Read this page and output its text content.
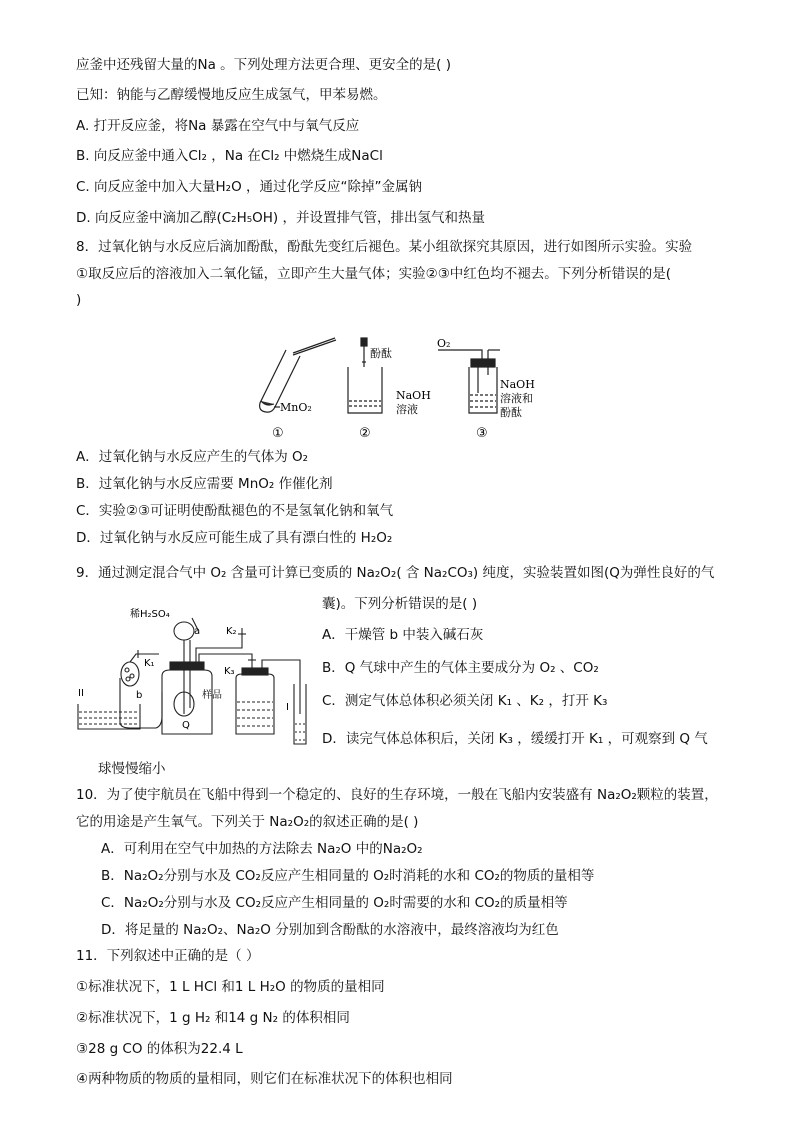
应釜中还残留大量的Na 。下列处理方法更合理、更安全的是( )
已知：钠能与乙醇缓慢地反应生成氢气，甲苯易燃。
A. 打开反应釜，将Na 暴露在空气中与氧气反应
B. 向反应釜中通入Cl₂ ，Na 在Cl₂ 中燃烧生成NaCl
C. 向反应釜中加入大量H₂O ，通过化学反应“除掉”金属钠
D. 向反应釜中滴加乙醇(C₂H₅OH) ，并设置排气管，排出氢气和热量
8．过氧化钠与水反应后滴加酚酞，酚酞先变红后褪色。某小组欲探究其原因，进行如图所示实验。实验
①取反应后的溶液加入二氧化锰，立即产生大量气体；实验②③中红色均不褪去。下列分析错误的是(
)
MnO₂
酚酞
NaOH
溶液
O₂
NaOH
溶液和
酚酞
①	②	③
A．过氧化钠与水反应产生的气体为 O₂
B．过氧化钠与水反应需要 MnO₂ 作催化剂
C．实验②③可证明使酚酞褪色的不是氢氧化钠和氧气
D．过氧化钠与水反应可能生成了具有漂白性的 H₂O₂
9．通过测定混合气中 O₂ 含量可计算已变质的 Na₂O₂( 含 Na₂CO₃) 纯度，实验装置如图(Q为弹性良好的气
稀H₂SO₄
a	K₂
K₁
K₃
b
II
I
样品
Q
囊)。下列分析错误的是( )
A．干燥管 b 中装入碱石灰
B．Q 气球中产生的气体主要成分为 O₂ 、CO₂
C．测定气体总体积必须关闭 K₁ 、K₂ ，打开 K₃
D．读完气体总体积后，关闭 K₃ ，缓缓打开 K₁ ，可观察到 Q 气
球慢慢缩小
10．为了使宇航员在飞船中得到一个稳定的、良好的生存环境，一般在飞船内安装盛有 Na₂O₂颗粒的装置，
它的用途是产生氧气。下列关于 Na₂O₂的叙述正确的是( )
A．可利用在空气中加热的方法除去 Na₂O 中的Na₂O₂
B．Na₂O₂分别与水及 CO₂反应产生相同量的 O₂时消耗的水和 CO₂的物质的量相等
C．Na₂O₂分别与水及 CO₂反应产生相同量的 O₂时需要的水和 CO₂的质量相等
D．将足量的 Na₂O₂、Na₂O 分别加到含酚酞的水溶液中，最终溶液均为红色
11．下列叙述中正确的是（ ）
①标准状况下，1 L HCl 和1 L H₂O 的物质的量相同
②标准状况下，1 g H₂ 和14 g N₂ 的体积相同
③28 g CO 的体积为22.4 L
④两种物质的物质的量相同，则它们在标准状况下的体积也相同
